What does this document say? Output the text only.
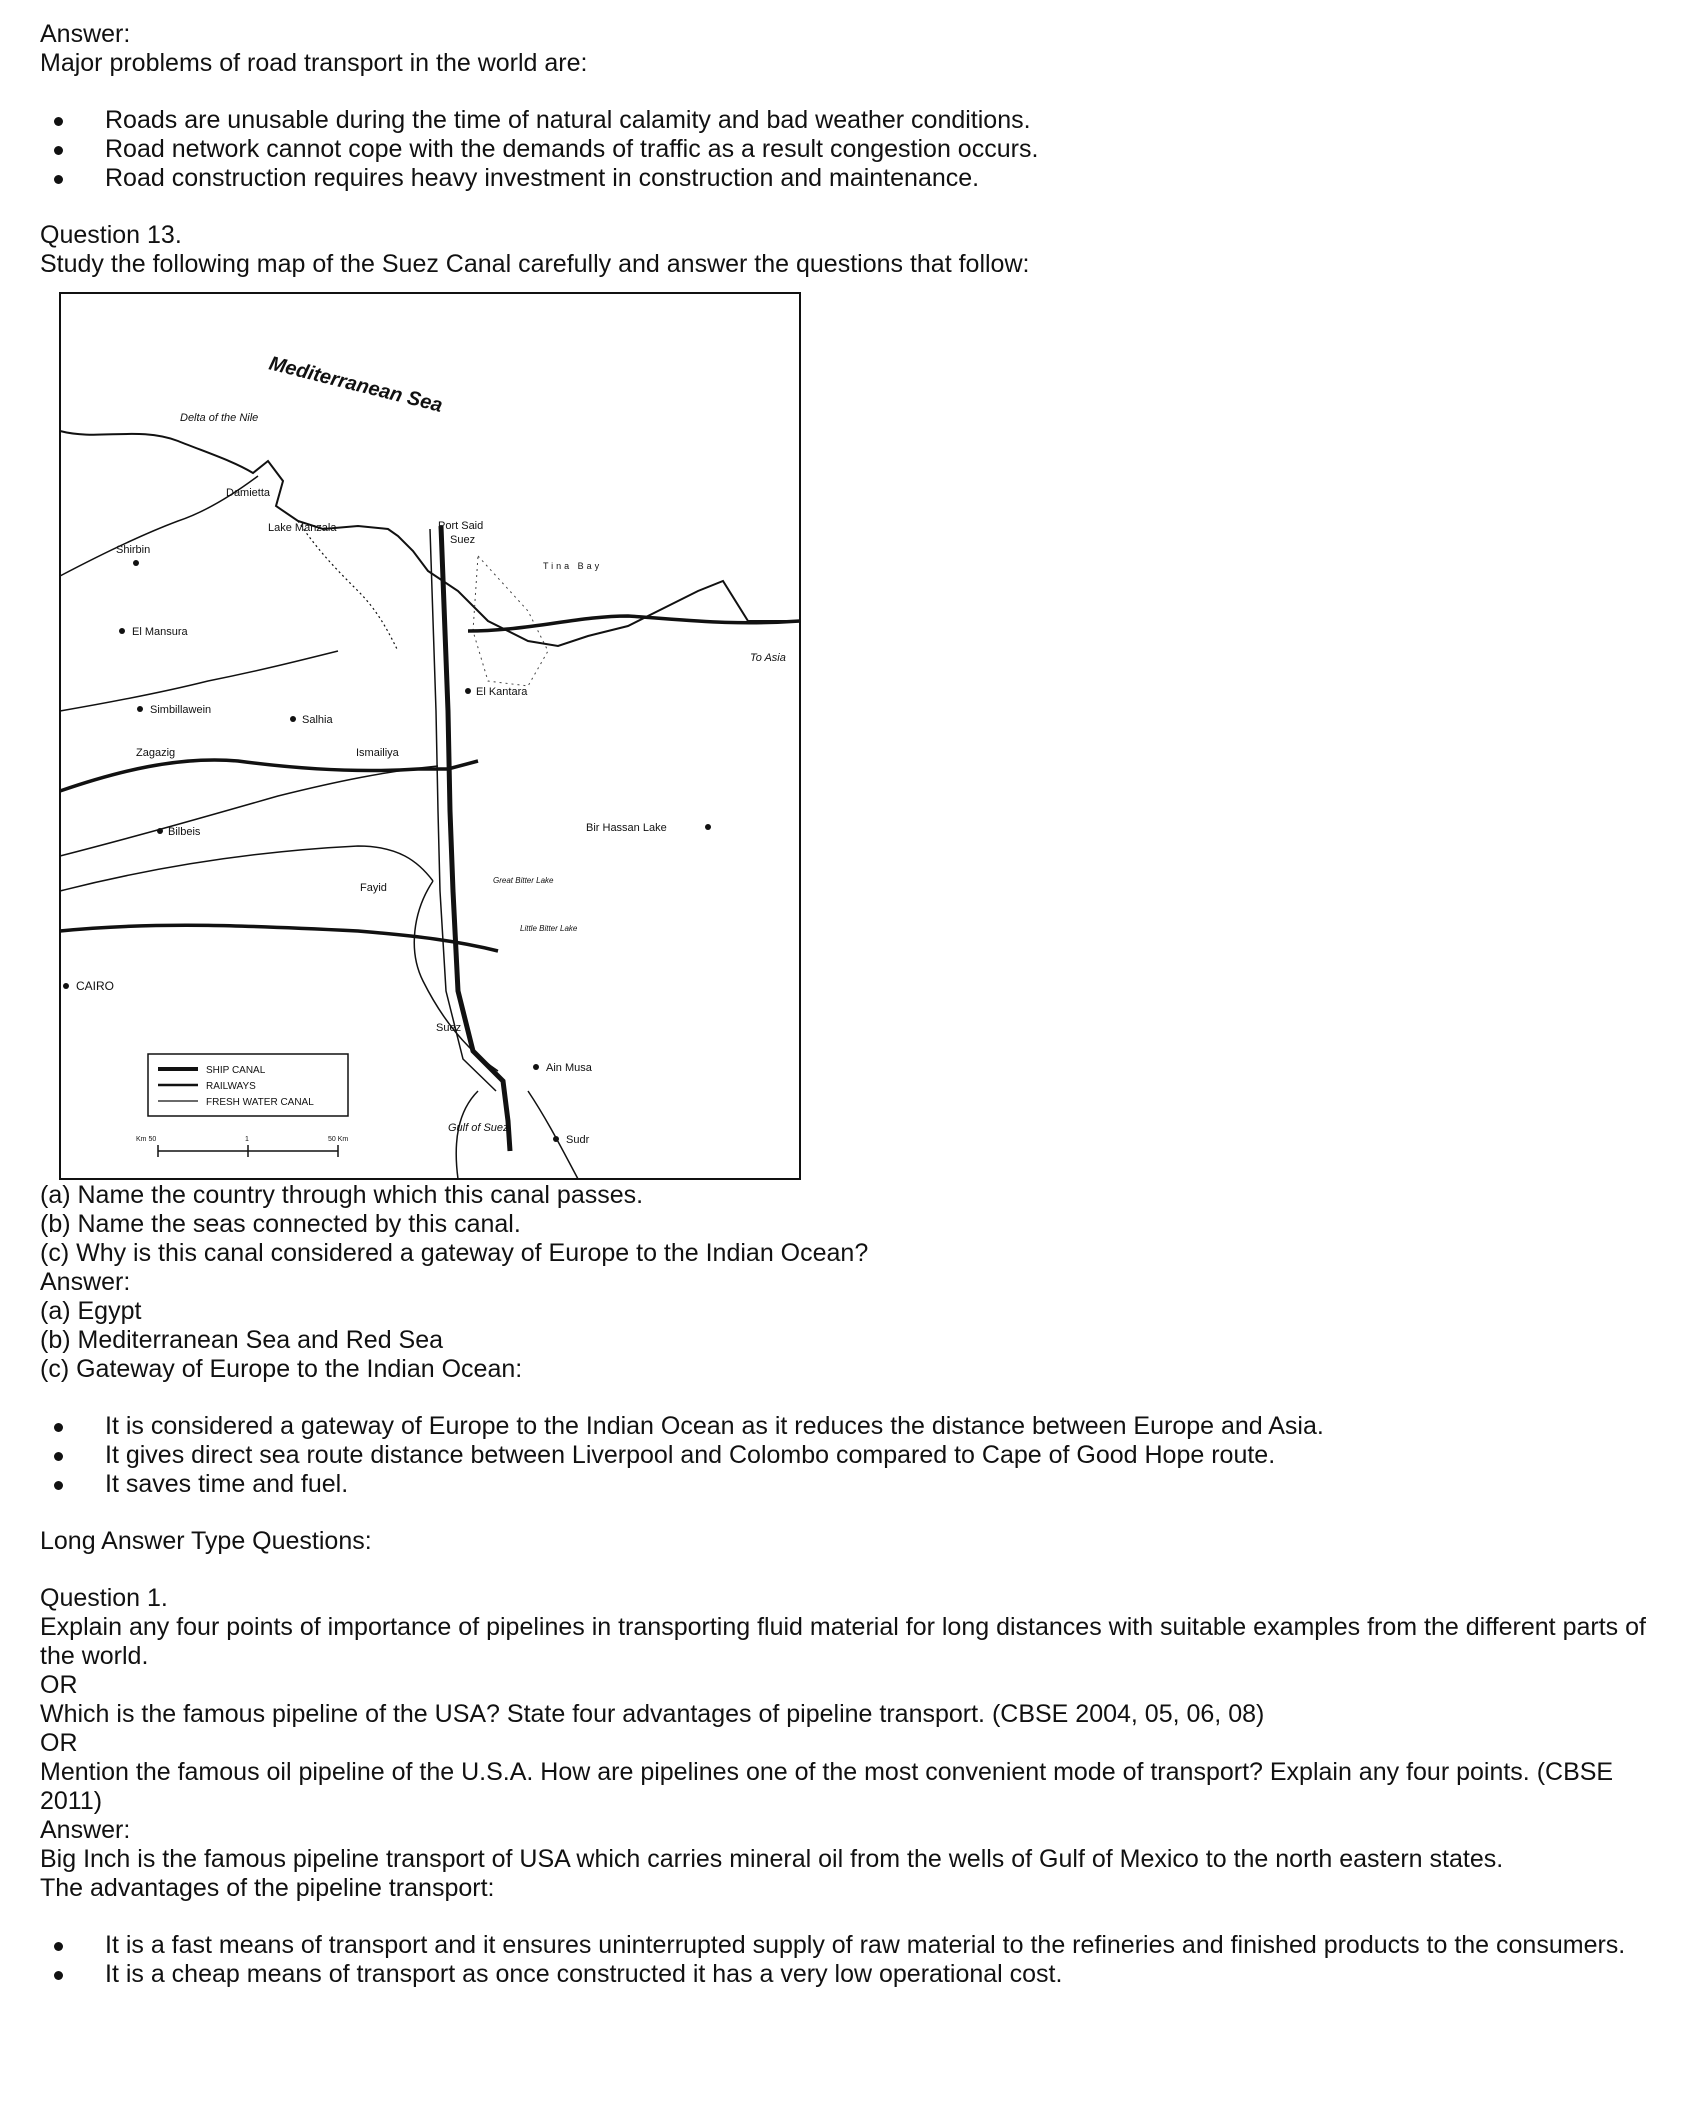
Answer:

Major problems of road transport in the world are:

Roads are unusable during the time of natural calamity and bad weather conditions.
Road network cannot cope with the demands of traffic as a result congestion occurs.
Road construction requires heavy investment in construction and maintenance.

Question 13.

Study the following map of the Suez Canal carefully and answer the questions that follow:

Mediterranean Sea
Delta of the Nile
Damietta
Lake Manzala	Port Said
Suez
Tina Bay
Shirbin
El Mansura
To Asia
El Kantara
Simbillawein
Salhia
Zagazig	Ismailiya
Bilbeis	Bir Hassan Lake
Fayid
Great Bitter Lake
Little Bitter Lake
CAIRO
Suez
Ain Musa
Gulf of Suez
Sudr
SHIP CANAL
RAILWAYS
FRESH WATER CANAL
Km 50	1	50 Km

(a) Name the country through which this canal passes.

(b) Name the seas connected by this canal.

(c) Why is this canal considered a gateway of Europe to the Indian Ocean?

Answer:

(a) Egypt

(b) Mediterranean Sea and Red Sea

(c) Gateway of Europe to the Indian Ocean:

It is considered a gateway of Europe to the Indian Ocean as it reduces the distance between Europe and Asia.
It gives direct sea route distance between Liverpool and Colombo compared to Cape of Good Hope route.
It saves time and fuel.

Long Answer Type Questions:

Question 1.

Explain any four points of importance of pipelines in transporting fluid material for long distances with suitable examples from the different parts of the world.

OR

Which is the famous pipeline of the USA? State four advantages of pipeline transport. (CBSE 2004, 05, 06, 08)

OR

Mention the famous oil pipeline of the U.S.A. How are pipelines one of the most convenient mode of transport? Explain any four points. (CBSE 2011)

Answer:

Big Inch is the famous pipeline transport of USA which carries mineral oil from the wells of Gulf of Mexico to the north eastern states.

The advantages of the pipeline transport:

It is a fast means of transport and it ensures uninterrupted supply of raw material to the refineries and finished products to the consumers.
It is a cheap means of transport as once constructed it has a very low operational cost.
